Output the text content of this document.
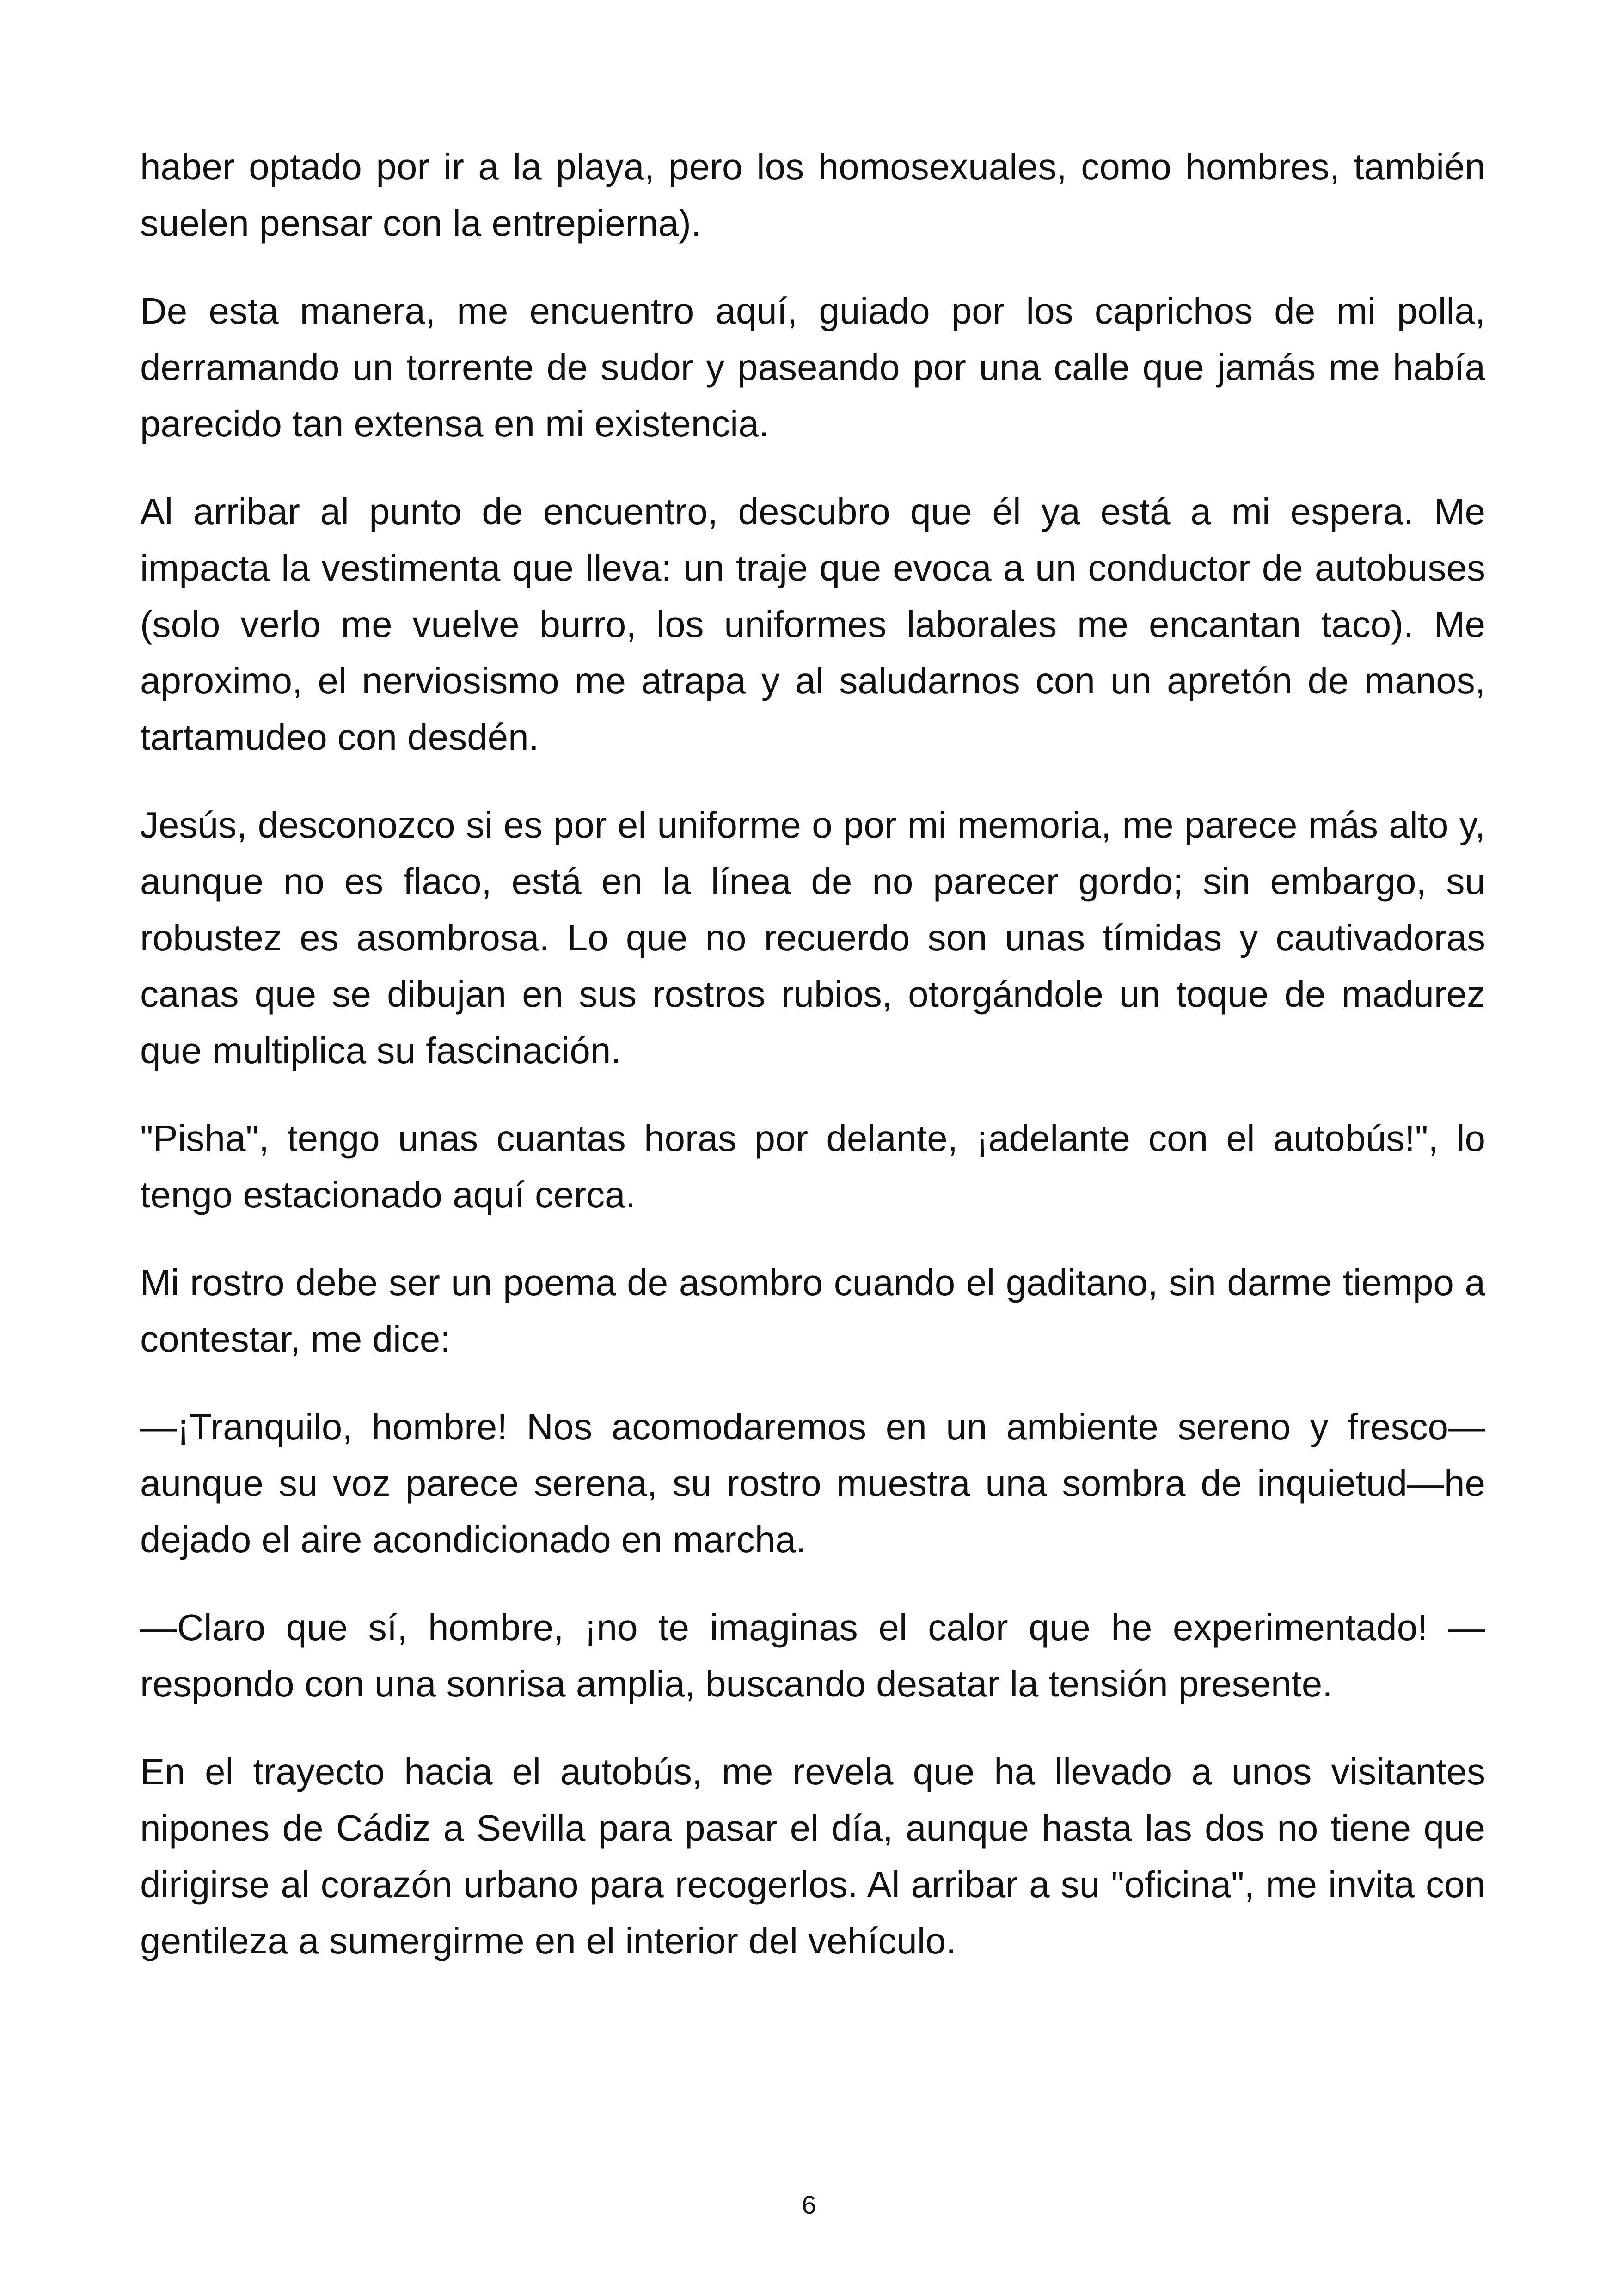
haber optado por ir a la playa, pero los homosexuales, como hombres, también suelen pensar con la entrepierna).

De esta manera, me encuentro aquí, guiado por los caprichos de mi polla, derramando un torrente de sudor y paseando por una calle que jamás me había parecido tan extensa en mi existencia.

Al arribar al punto de encuentro, descubro que él ya está a mi espera. Me impacta la vestimenta que lleva: un traje que evoca a un conductor de autobuses (solo verlo me vuelve burro, los uniformes laborales me encantan taco). Me aproximo, el nerviosismo me atrapa y al saludarnos con un apretón de manos, tartamudeo con desdén.

Jesús, desconozco si es por el uniforme o por mi memoria, me parece más alto y, aunque no es flaco, está en la línea de no parecer gordo; sin embargo, su robustez es asombrosa. Lo que no recuerdo son unas tímidas y cautivadoras canas que se dibujan en sus rostros rubios, otorgándole un toque de madurez que multiplica su fascinación.

"Pisha", tengo unas cuantas horas por delante, ¡adelante con el autobús!", lo tengo estacionado aquí cerca.

Mi rostro debe ser un poema de asombro cuando el gaditano, sin darme tiempo a contestar, me dice:

—¡Tranquilo, hombre! Nos acomodaremos en un ambiente sereno y fresco—aunque su voz parece serena, su rostro muestra una sombra de inquietud—he dejado el aire acondicionado en marcha.

—Claro que sí, hombre, ¡no te imaginas el calor que he experimentado! —respondo con una sonrisa amplia, buscando desatar la tensión presente.

En el trayecto hacia el autobús, me revela que ha llevado a unos visitantes nipones de Cádiz a Sevilla para pasar el día, aunque hasta las dos no tiene que dirigirse al corazón urbano para recogerlos. Al arribar a su "oficina", me invita con gentileza a sumergirme en el interior del vehículo.

6
